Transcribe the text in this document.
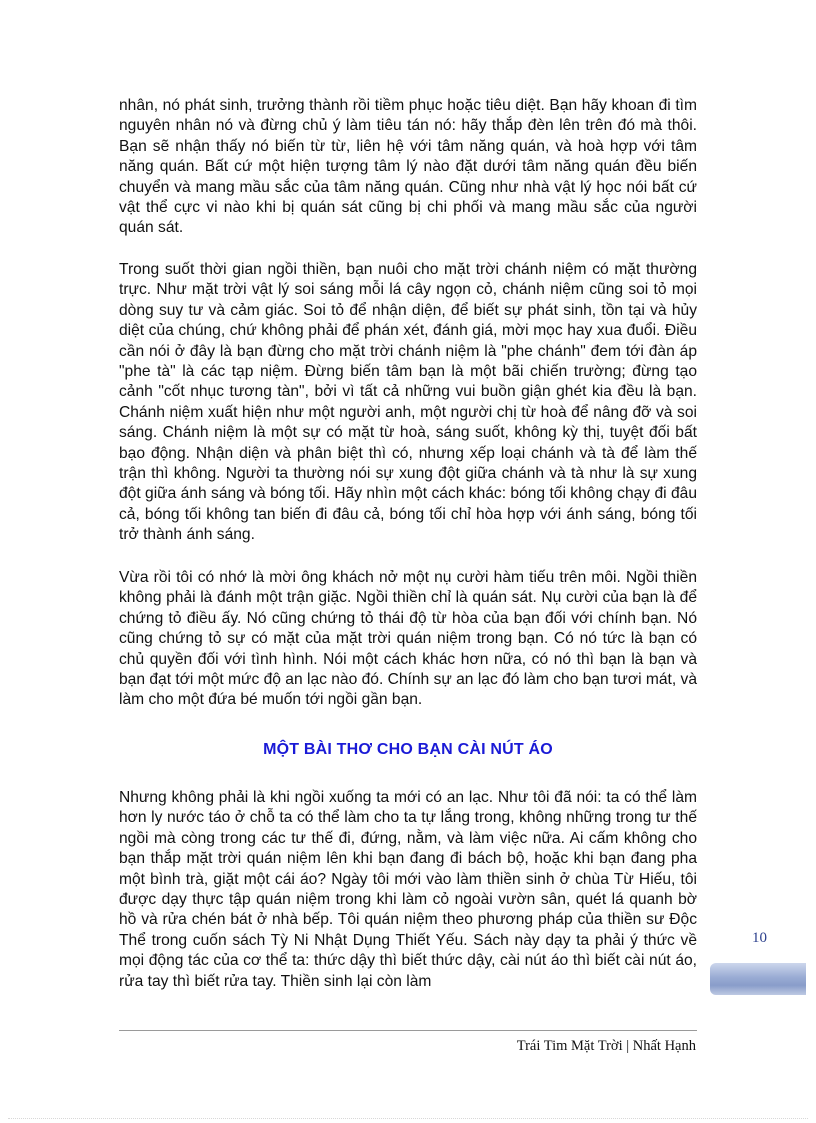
nhân, nó phát sinh, trưởng thành rồi tiềm phục hoặc tiêu diệt. Bạn hãy khoan đi tìm nguyên nhân nó và đừng chủ ý làm tiêu tán nó: hãy thắp đèn lên trên đó mà thôi. Bạn sẽ nhận thấy nó biến từ từ, liên hệ với tâm năng quán, và hoà hợp với tâm năng quán. Bất cứ một hiện tượng tâm lý nào đặt dưới tâm năng quán đều biến chuyển và mang mầu sắc của tâm năng quán. Cũng như nhà vật lý học nói bất cứ vật thể cực vi nào khi bị quán sát cũng bị chi phối và mang mầu sắc của người quán sát.

Trong suốt thời gian ngồi thiền, bạn nuôi cho mặt trời chánh niệm có mặt thường trực. Như mặt trời vật lý soi sáng mỗi lá cây ngọn cỏ, chánh niệm cũng soi tỏ mọi dòng suy tư và cảm giác. Soi tỏ để nhận diện, để biết sự phát sinh, tồn tại và hủy diệt của chúng, chứ không phải để phán xét, đánh giá, mời mọc hay xua đuổi. Điều cần nói ở đây là bạn đừng cho mặt trời chánh niệm là "phe chánh" đem tới đàn áp "phe tà" là các tạp niệm. Đừng biến tâm bạn là một bãi chiến trường; đừng tạo cảnh "cốt nhục tương tàn", bởi vì tất cả những vui buồn giận ghét kia đều là bạn. Chánh niệm xuất hiện như một người anh, một người chị từ hoà để nâng đỡ và soi sáng. Chánh niệm là một sự có mặt từ hoà, sáng suốt, không kỳ thị, tuyệt đối bất bạo động. Nhận diện và phân biệt thì có, nhưng xếp loại chánh và tà để làm thế trận thì không. Người ta thường nói sự xung đột giữa chánh và tà như là sự xung đột giữa ánh sáng và bóng tối. Hãy nhìn một cách khác: bóng tối không chạy đi đâu cả, bóng tối không tan biến đi đâu cả, bóng tối chỉ hòa hợp với ánh sáng, bóng tối trở thành ánh sáng.

Vừa rồi tôi có nhớ là mời ông khách nở một nụ cười hàm tiếu trên môi. Ngồi thiền không phải là đánh một trận giặc. Ngồi thiền chỉ là quán sát. Nụ cười của bạn là để chứng tỏ điều ấy. Nó cũng chứng tỏ thái độ từ hòa của bạn đối với chính bạn. Nó cũng chứng tỏ sự có mặt của mặt trời quán niệm trong bạn. Có nó tức là bạn có chủ quyền đối với tình hình. Nói một cách khác hơn nữa, có nó thì bạn là bạn và bạn đạt tới một mức độ an lạc nào đó. Chính sự an lạc đó làm cho bạn tươi mát, và làm cho một đứa bé muốn tới ngồi gần bạn.

MỘT BÀI THƠ CHO BẠN CÀI NÚT ÁO

Nhưng không phải là khi ngồi xuống ta mới có an lạc. Như tôi đã nói: ta có thể làm hơn ly nước táo ở chỗ ta có thể làm cho ta tự lắng trong, không những trong tư thế ngồi mà còng trong các tư thế đi, đứng, nằm, và làm việc nữa. Ai cấm không cho bạn thắp mặt trời quán niệm lên khi bạn đang đi bách bộ, hoặc khi bạn đang pha một bình trà, giặt một cái áo? Ngày tôi mới vào làm thiền sinh ở chùa Từ Hiếu, tôi được dạy thực tập quán niệm trong khi làm cỏ ngoài vườn sân, quét lá quanh bờ hồ và rửa chén bát ở nhà bếp. Tôi quán niệm theo phương pháp của thiền sư Độc Thể trong cuốn sách Tỳ Ni Nhật Dụng Thiết Yếu. Sách này dạy ta phải ý thức về mọi động tác của cơ thể ta: thức dậy thì biết thức dậy, cài nút áo thì biết cài nút áo, rửa tay thì biết rửa tay. Thiền sinh lại còn làm

10
Trái Tim Mặt Trời | Nhất Hạnh
